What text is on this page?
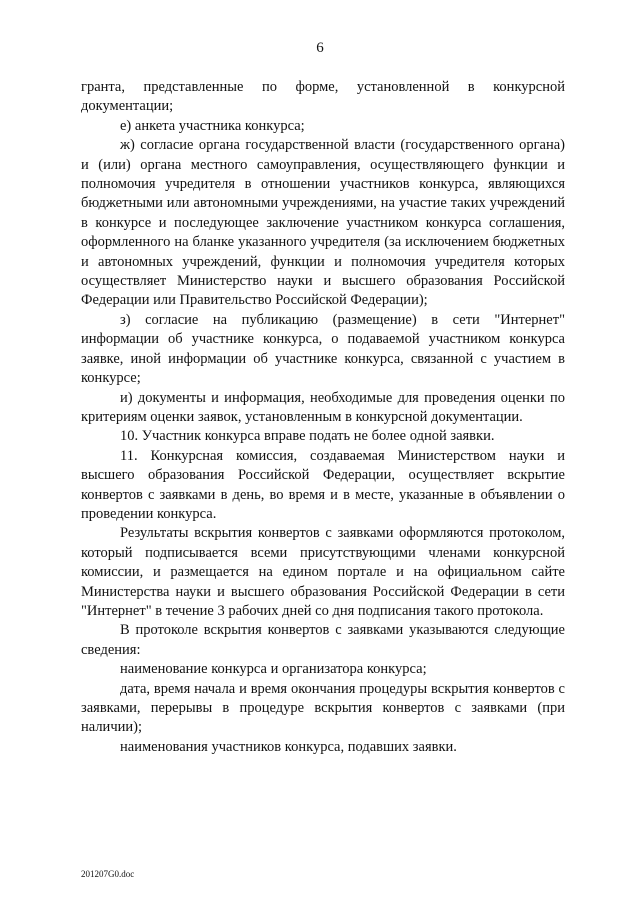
6

гранта, представленные по форме, установленной в конкурсной документации;

е) анкета участника конкурса;

ж) согласие органа государственной власти (государственного органа) и (или) органа местного самоуправления, осуществляющего функции и полномочия учредителя в отношении участников конкурса, являющихся бюджетными или автономными учреждениями, на участие таких учреждений в конкурсе и последующее заключение участником конкурса соглашения, оформленного на бланке указанного учредителя (за исключением бюджетных и автономных учреждений, функции и полномочия учредителя которых осуществляет Министерство науки и высшего образования Российской Федерации или Правительство Российской Федерации);

з) согласие на публикацию (размещение) в сети "Интернет" информации об участнике конкурса, о подаваемой участником конкурса заявке, иной информации об участнике конкурса, связанной с участием в конкурсе;

и) документы и информация, необходимые для проведения оценки по критериям оценки заявок, установленным в конкурсной документации.

10. Участник конкурса вправе подать не более одной заявки.

11. Конкурсная комиссия, создаваемая Министерством науки и высшего образования Российской Федерации, осуществляет вскрытие конвертов с заявками в день, во время и в месте, указанные в объявлении о проведении конкурса.

Результаты вскрытия конвертов с заявками оформляются протоколом, который подписывается всеми присутствующими членами конкурсной комиссии, и размещается на едином портале и на официальном сайте Министерства науки и высшего образования Российской Федерации в сети "Интернет" в течение 3 рабочих дней со дня подписания такого протокола.

В протоколе вскрытия конвертов с заявками указываются следующие сведения:

наименование конкурса и организатора конкурса;

дата, время начала и время окончания процедуры вскрытия конвертов с заявками, перерывы в процедуре вскрытия конвертов с заявками (при наличии);

наименования участников конкурса, подавших заявки.

201207G0.doc
